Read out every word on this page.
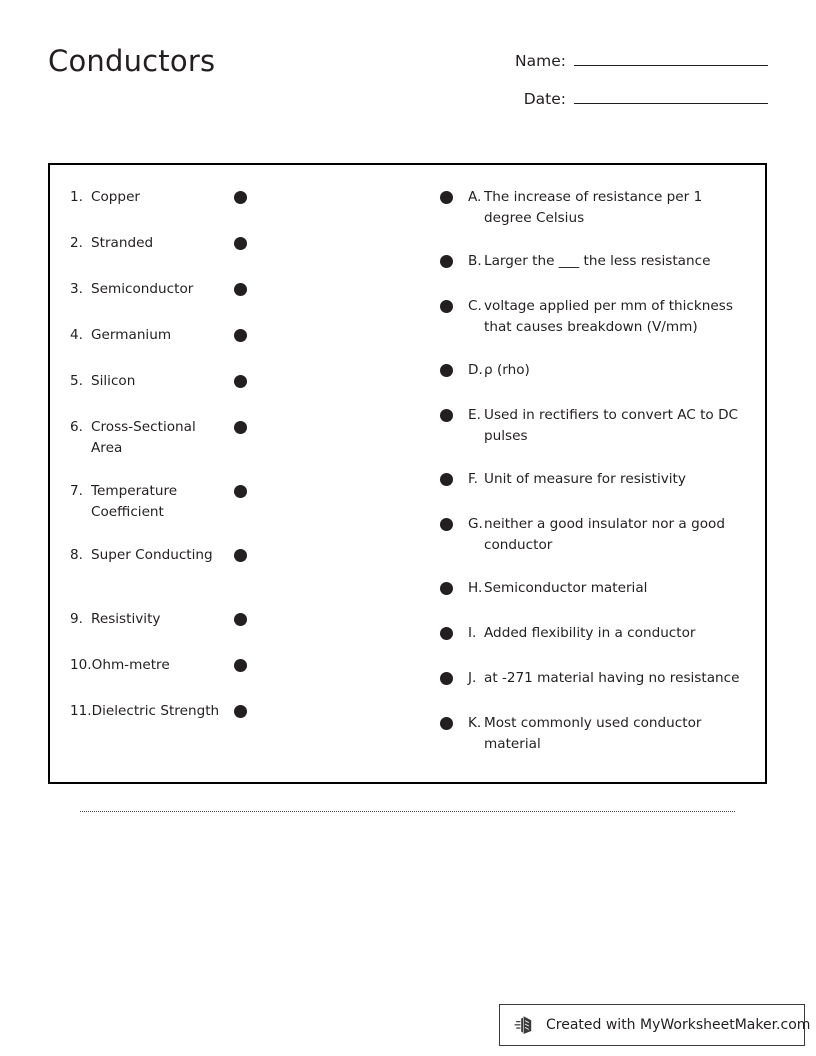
Conductors	Name:
Date:
1. Copper
2. Stranded
3. Semiconductor
4. Germanium
5. Silicon
6. Cross-Sectional Area
7. Temperature Coefficient
8. Super Conducting
9. Resistivity
10. Ohm-metre
11. Dielectric Strength
A. The increase of resistance per 1 degree Celsius
B. Larger the ___ the less resistance
C. voltage applied per mm of thickness that causes breakdown (V/mm)
D. ρ (rho)
E. Used in rectifiers to convert AC to DC pulses
F. Unit of measure for resistivity
G. neither a good insulator nor a good conductor
H. Semiconductor material
I. Added flexibility in a conductor
J. at -271 material having no resistance
K. Most commonly used conductor material
Created with MyWorksheetMaker.com
